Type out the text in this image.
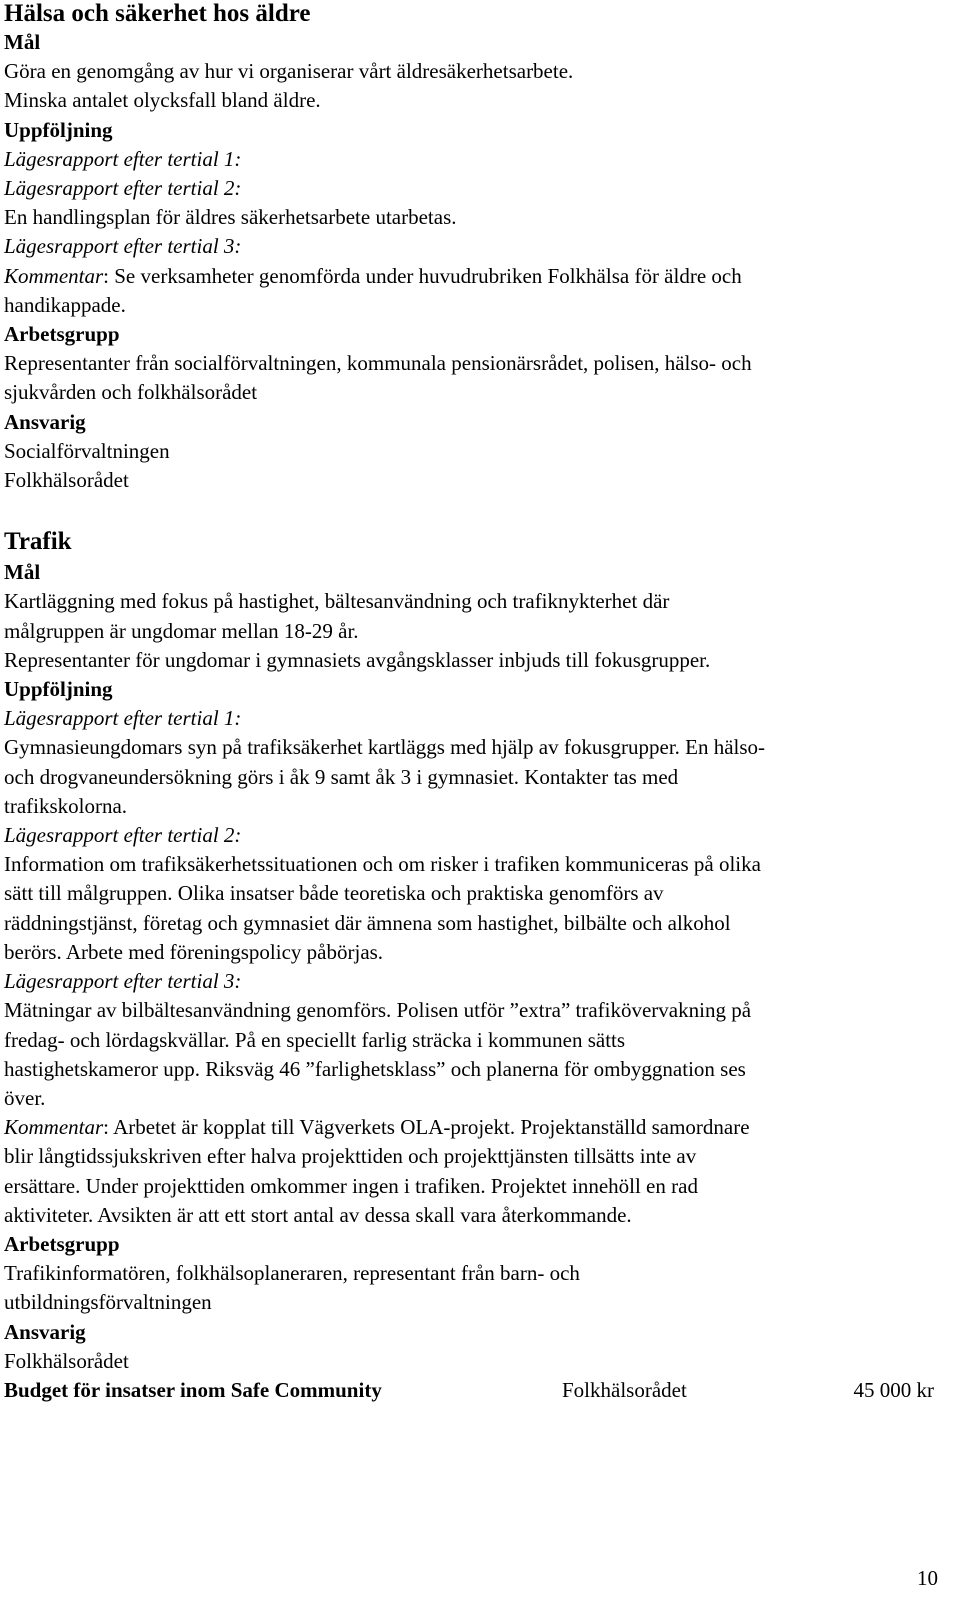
Hälsa och säkerhet hos äldre
Mål
Göra en genomgång av hur vi organiserar vårt äldresäkerhetsarbete.
Minska antalet olycksfall bland äldre.
Uppföljning
Lägesrapport efter tertial 1:
Lägesrapport efter tertial 2:
En handlingsplan för äldres säkerhetsarbete utarbetas.
Lägesrapport efter tertial 3:
Kommentar: Se verksamheter genomförda under huvudrubriken Folkhälsa för äldre och
handikappade.
Arbetsgrupp
Representanter från socialförvaltningen, kommunala pensionärsrådet, polisen, hälso- och
sjukvården och folkhälsorådet
Ansvarig
Socialförvaltningen
Folkhälsorådet
Trafik
Mål
Kartläggning med fokus på hastighet, bältesanvändning och trafiknykterhet där
målgruppen är ungdomar mellan 18-29 år.
Representanter för ungdomar i gymnasiets avgångsklasser inbjuds till fokusgrupper.
Uppföljning
Lägesrapport efter tertial 1:
Gymnasieungdomars syn på trafiksäkerhet kartläggs med hjälp av fokusgrupper. En hälso-
och drogvaneundersökning görs i åk 9 samt åk 3 i gymnasiet. Kontakter tas med
trafikskolorna.
Lägesrapport efter tertial 2:
Information om trafiksäkerhetssituationen och om risker i trafiken kommuniceras på olika
sätt till målgruppen. Olika insatser både teoretiska och praktiska genomförs av
räddningstjänst, företag och gymnasiet där ämnena som hastighet, bilbälte och alkohol
berörs. Arbete med föreningspolicy påbörjas.
Lägesrapport efter tertial 3:
Mätningar av bilbältesanvändning genomförs. Polisen utför ”extra” trafikövervakning på
fredag- och lördagskvällar. På en speciellt farlig sträcka i kommunen sätts
hastighetskameror upp. Riksväg 46 ”farlighetsklass” och planerna för ombyggnation ses
över.
Kommentar: Arbetet är kopplat till Vägverkets OLA-projekt. Projektanställd samordnare
blir långtidssjukskriven efter halva projekttiden och projekttjänsten tillsätts inte av
ersättare. Under projekttiden omkommer ingen i trafiken. Projektet innehöll en rad
aktiviteter. Avsikten är att ett stort antal av dessa skall vara återkommande.
Arbetsgrupp
Trafikinformatören, folkhälsoplaneraren, representant från barn- och
utbildningsförvaltningen
Ansvarig
Folkhälsorådet
Budget för insatser inom Safe Community	Folkhälsorådet	45 000 kr
10
